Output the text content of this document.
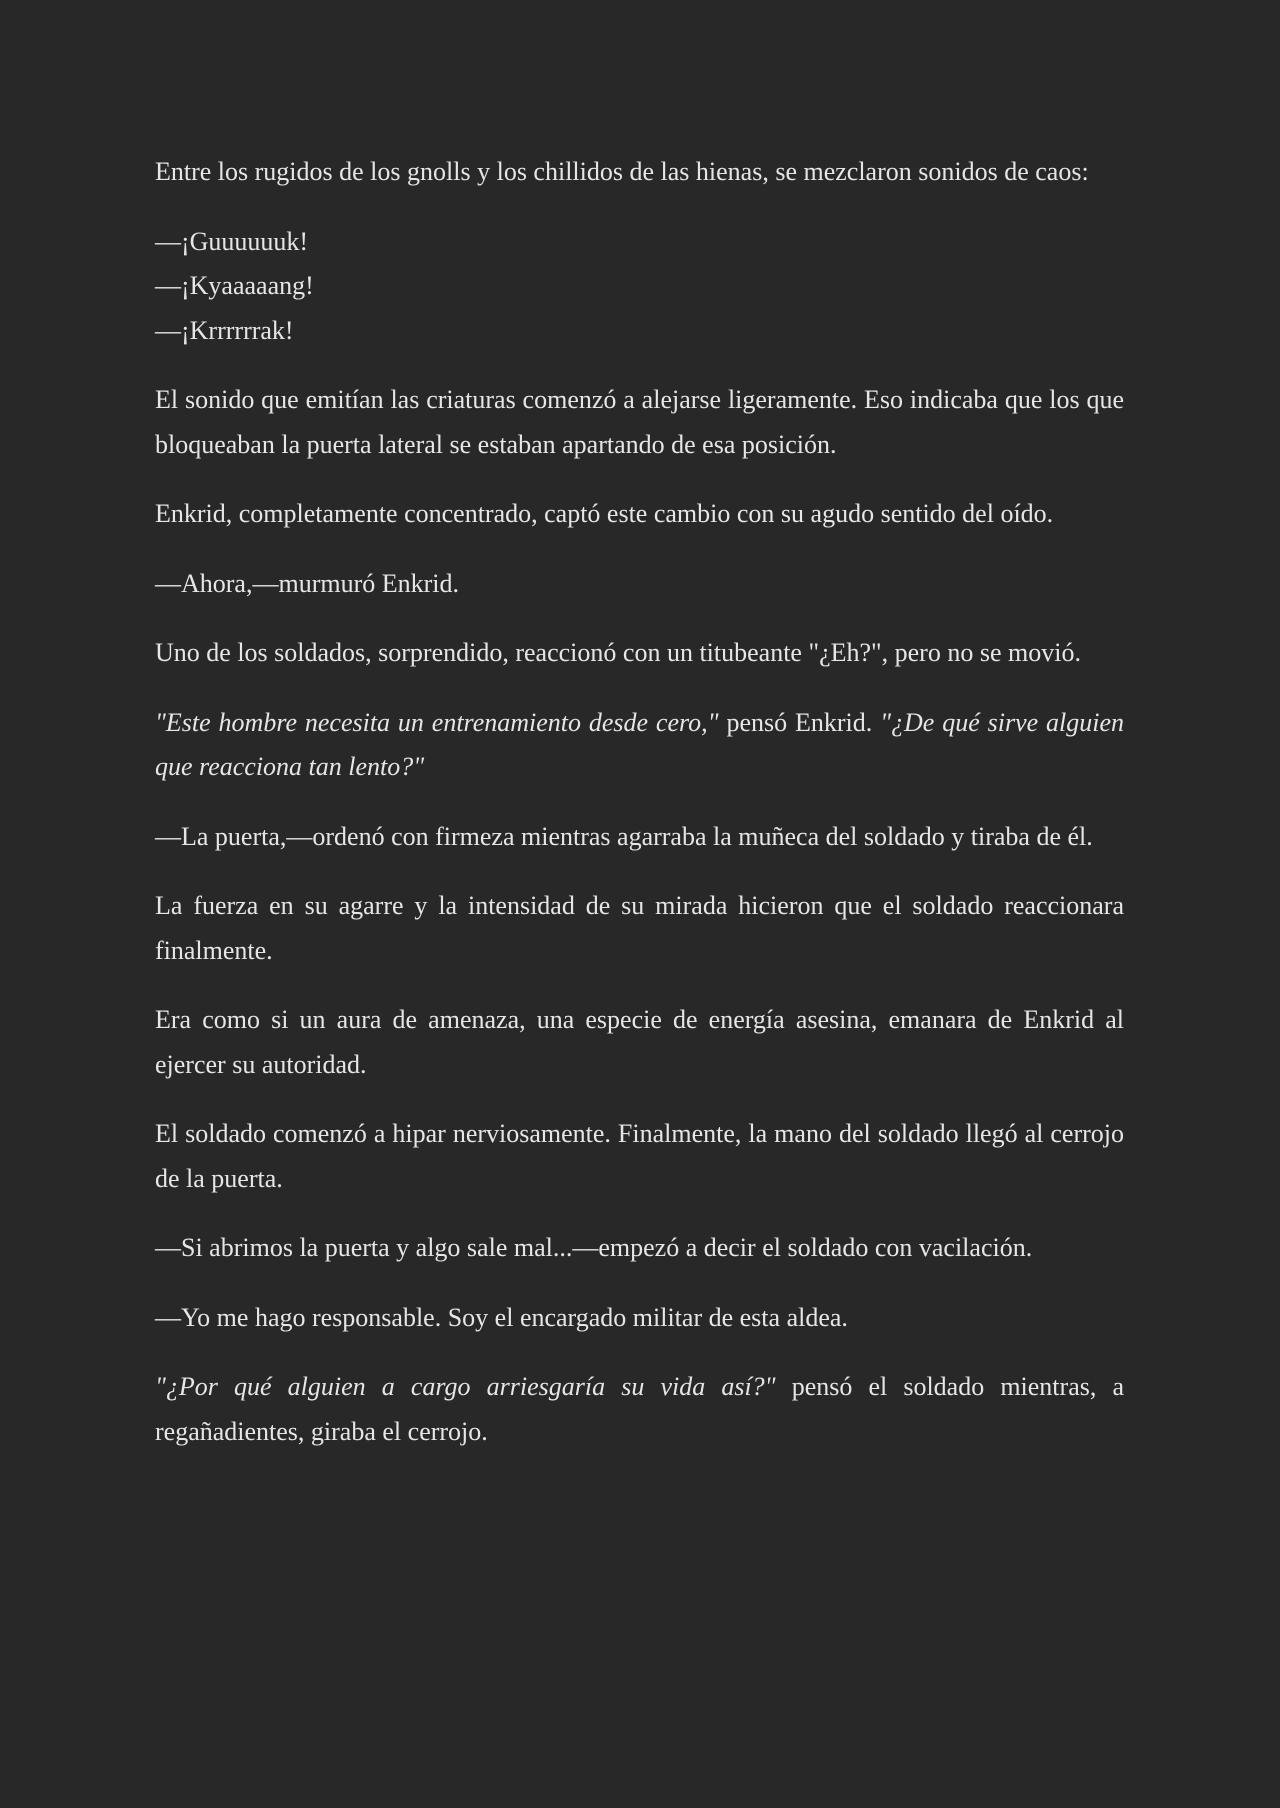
Entre los rugidos de los gnolls y los chillidos de las hienas, se mezclaron sonidos de caos:

—¡Guuuuuuk!
—¡Kyaaaaang!
—¡Krrrrrrak!

El sonido que emitían las criaturas comenzó a alejarse ligeramente. Eso indicaba que los que bloqueaban la puerta lateral se estaban apartando de esa posición.

Enkrid, completamente concentrado, captó este cambio con su agudo sentido del oído.

—Ahora,—murmuró Enkrid.

Uno de los soldados, sorprendido, reaccionó con un titubeante "¿Eh?", pero no se movió.

"Este hombre necesita un entrenamiento desde cero," pensó Enkrid. "¿De qué sirve alguien que reacciona tan lento?"

—La puerta,—ordenó con firmeza mientras agarraba la muñeca del soldado y tiraba de él.

La fuerza en su agarre y la intensidad de su mirada hicieron que el soldado reaccionara finalmente.

Era como si un aura de amenaza, una especie de energía asesina, emanara de Enkrid al ejercer su autoridad.

El soldado comenzó a hipar nerviosamente. Finalmente, la mano del soldado llegó al cerrojo de la puerta.

—Si abrimos la puerta y algo sale mal...—empezó a decir el soldado con vacilación.

—Yo me hago responsable. Soy el encargado militar de esta aldea.

"¿Por qué alguien a cargo arriesgaría su vida así?" pensó el soldado mientras, a regañadientes, giraba el cerrojo.
